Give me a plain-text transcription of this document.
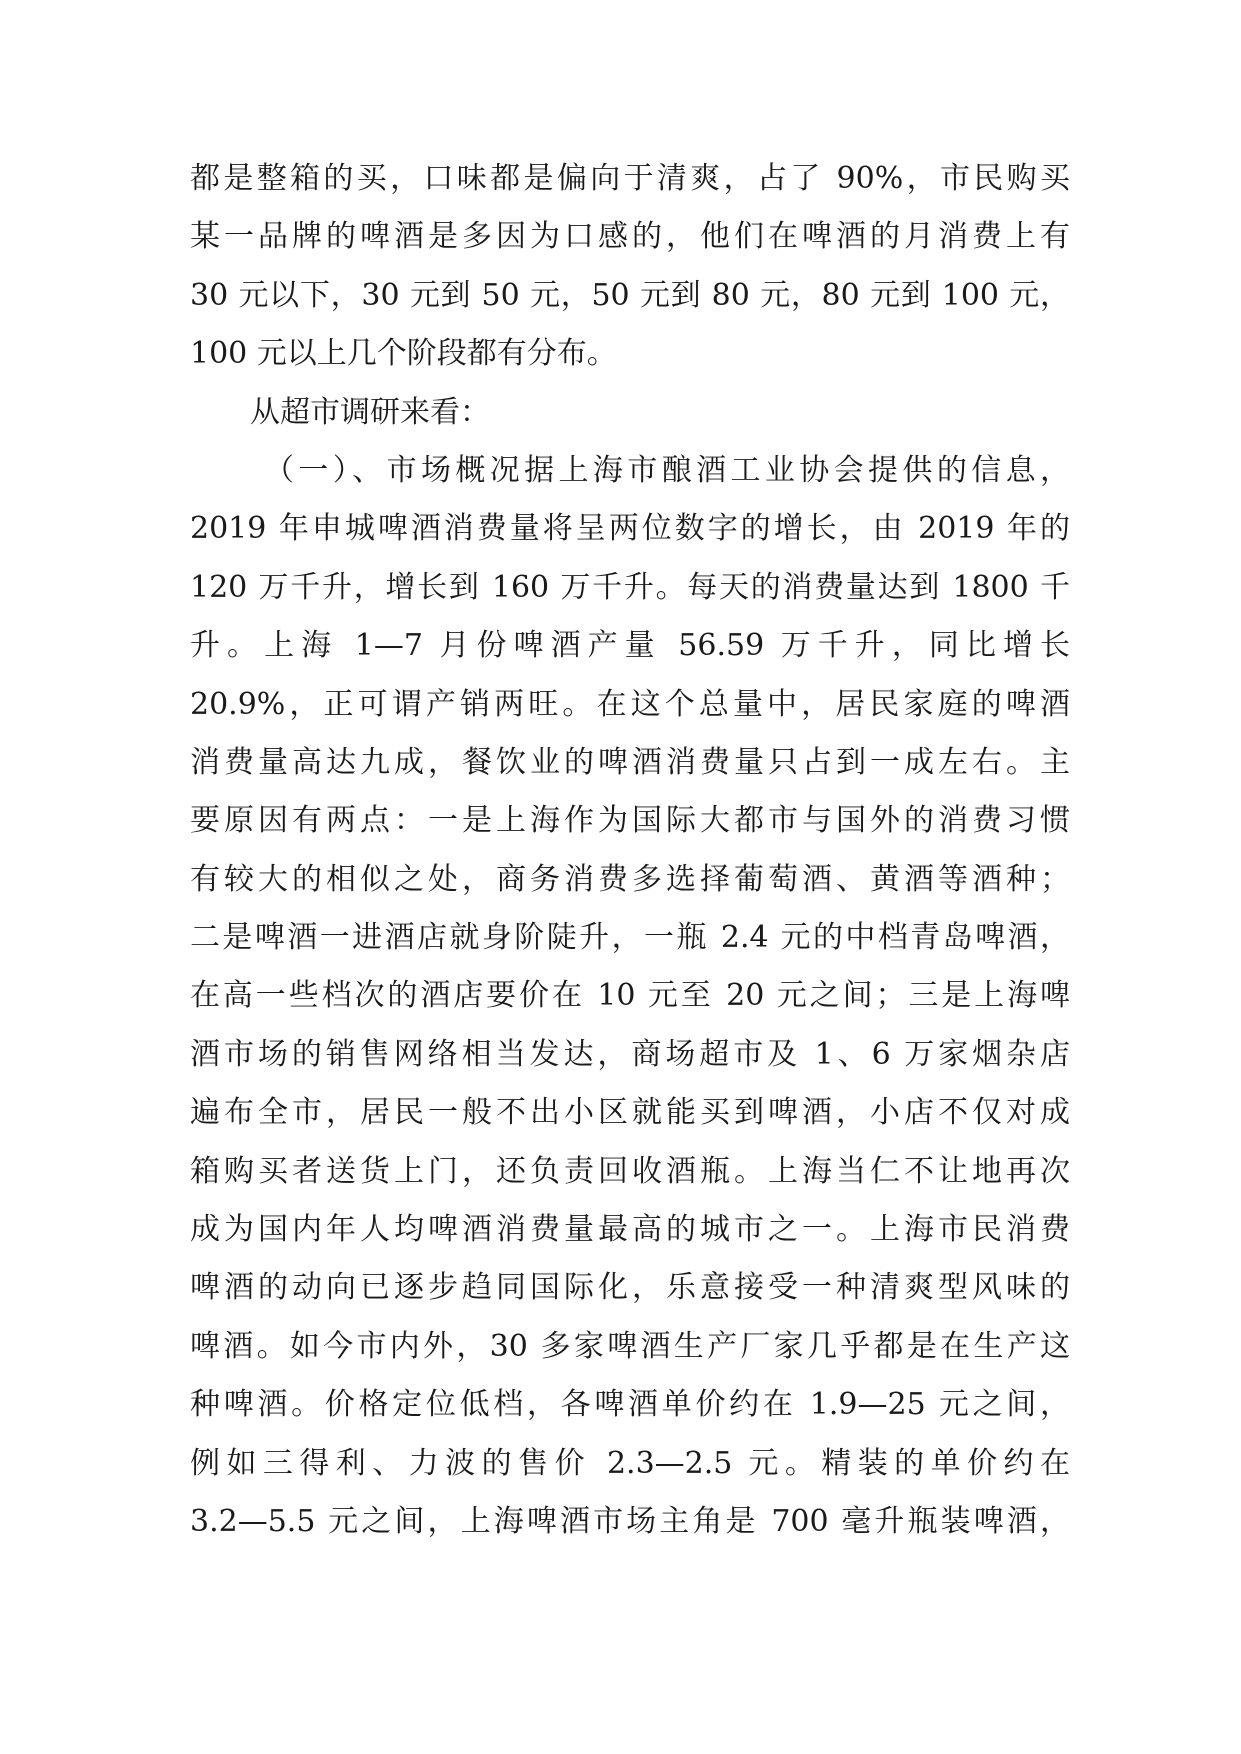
都是整箱的买，口味都是偏向于清爽，占了 90%，市民购买
某一品牌的啤酒是多因为口感的，他们在啤酒的月消费上有
30 元以下，30 元到 50 元，50 元到 80 元，80 元到 100 元，
100 元以上几个阶段都有分布。
从超市调研来看：
（一）、市场概况据上海市酿酒工业协会提供的信息，
2019 年申城啤酒消费量将呈两位数字的增长，由 2019 年的
120 万千升，增长到 160 万千升。每天的消费量达到 1800 千
升。上海 1—7 月份啤酒产量 56.59 万千升，同比增长
20.9%，正可谓产销两旺。在这个总量中，居民家庭的啤酒
消费量高达九成，餐饮业的啤酒消费量只占到一成左右。主
要原因有两点：一是上海作为国际大都市与国外的消费习惯
有较大的相似之处，商务消费多选择葡萄酒、黄酒等酒种；
二是啤酒一进酒店就身阶陡升，一瓶 2.4 元的中档青岛啤酒，
在高一些档次的酒店要价在 10 元至 20 元之间；三是上海啤
酒市场的销售网络相当发达，商场超市及 1、6 万家烟杂店
遍布全市，居民一般不出小区就能买到啤酒，小店不仅对成
箱购买者送货上门，还负责回收酒瓶。上海当仁不让地再次
成为国内年人均啤酒消费量最高的城市之一。上海市民消费
啤酒的动向已逐步趋同国际化，乐意接受一种清爽型风味的
啤酒。如今市内外，30 多家啤酒生产厂家几乎都是在生产这
种啤酒。价格定位低档，各啤酒单价约在 1.9—25 元之间，
例如三得利、力波的售价 2.3—2.5 元。精装的单价约在
3.2—5.5 元之间，上海啤酒市场主角是 700 毫升瓶装啤酒，
